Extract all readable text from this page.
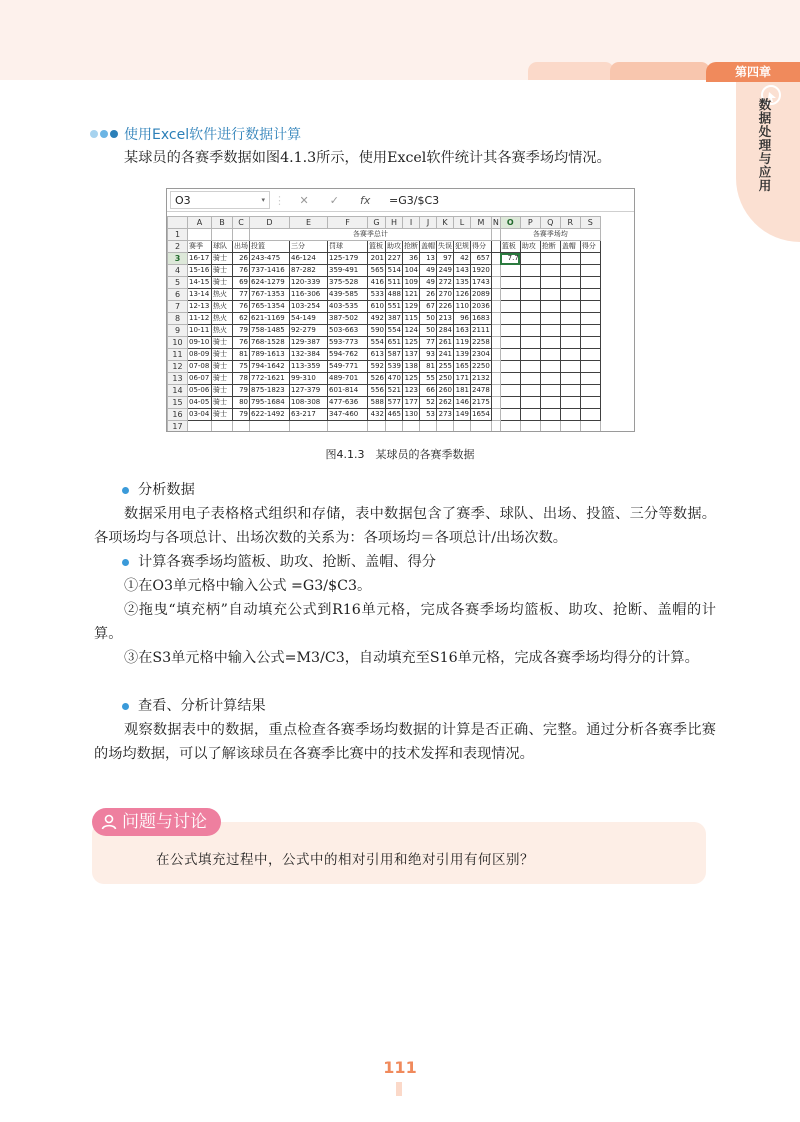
第四章
数据处理与应用
使用Excel软件进行数据计算
某球员的各赛季数据如图4.1.3所示，使用Excel软件统计其各赛季场均情况。
O3	▾ ⋮ ✕ ✓ fx	=G3/$C3
	A	B	C	D	E	F	G	H	I	J	K	L	M	N	O	P	Q	R	S
1				各赛季总计											各赛季场均				
2	赛季	球队	出场	投篮	三分	罚球	篮板	助攻	抢断	盖帽	失误	犯规	得分		篮板	助攻	抢断	盖帽	得分
3	16-17	骑士	26	243-475	46-124	125-179	201	227	36	13	97	42	657		7.7				
4	15-16	骑士	76	737-1416	87-282	359-491	565	514	104	49	249	143	1920						
5	14-15	骑士	69	624-1279	120-339	375-528	416	511	109	49	272	135	1743						
6	13-14	热火	77	767-1353	116-306	439-585	533	488	121	26	270	126	2089						
7	12-13	热火	76	765-1354	103-254	403-535	610	551	129	67	226	110	2036						
8	11-12	热火	62	621-1169	54-149	387-502	492	387	115	50	213	96	1683						
9	10-11	热火	79	758-1485	92-279	503-663	590	554	124	50	284	163	2111						
10	09-10	骑士	76	768-1528	129-387	593-773	554	651	125	77	261	119	2258						
11	08-09	骑士	81	789-1613	132-384	594-762	613	587	137	93	241	139	2304						
12	07-08	骑士	75	794-1642	113-359	549-771	592	539	138	81	255	165	2250						
13	06-07	骑士	78	772-1621	99-310	489-701	526	470	125	55	250	171	2132						
14	05-06	骑士	79	875-1823	127-379	601-814	556	521	123	66	260	181	2478						
15	04-05	骑士	80	795-1684	108-308	477-636	588	577	177	52	262	146	2175						
16	03-04	骑士	79	622-1492	63-217	347-460	432	465	130	53	273	149	1654						
17																			
图4.1.3　某球员的各赛季数据
分析数据
数据采用电子表格格式组织和存储，表中数据包含了赛季、球队、出场、投篮、三分等数据。各项场均与各项总计、出场次数的关系为：各项场均＝各项总计/出场次数。
计算各赛季场均篮板、助攻、抢断、盖帽、得分
①在O3单元格中输入公式 =G3/$C3。
②拖曳“填充柄”自动填充公式到R16单元格，完成各赛季场均篮板、助攻、抢断、盖帽的计算。
③在S3单元格中输入公式=M3/C3，自动填充至S16单元格，完成各赛季场均得分的计算。
查看、分析计算结果
观察数据表中的数据，重点检查各赛季场均数据的计算是否正确、完整。通过分析各赛季比赛的场均数据，可以了解该球员在各赛季比赛中的技术发挥和表现情况。
问题与讨论
在公式填充过程中，公式中的相对引用和绝对引用有何区别？
111
